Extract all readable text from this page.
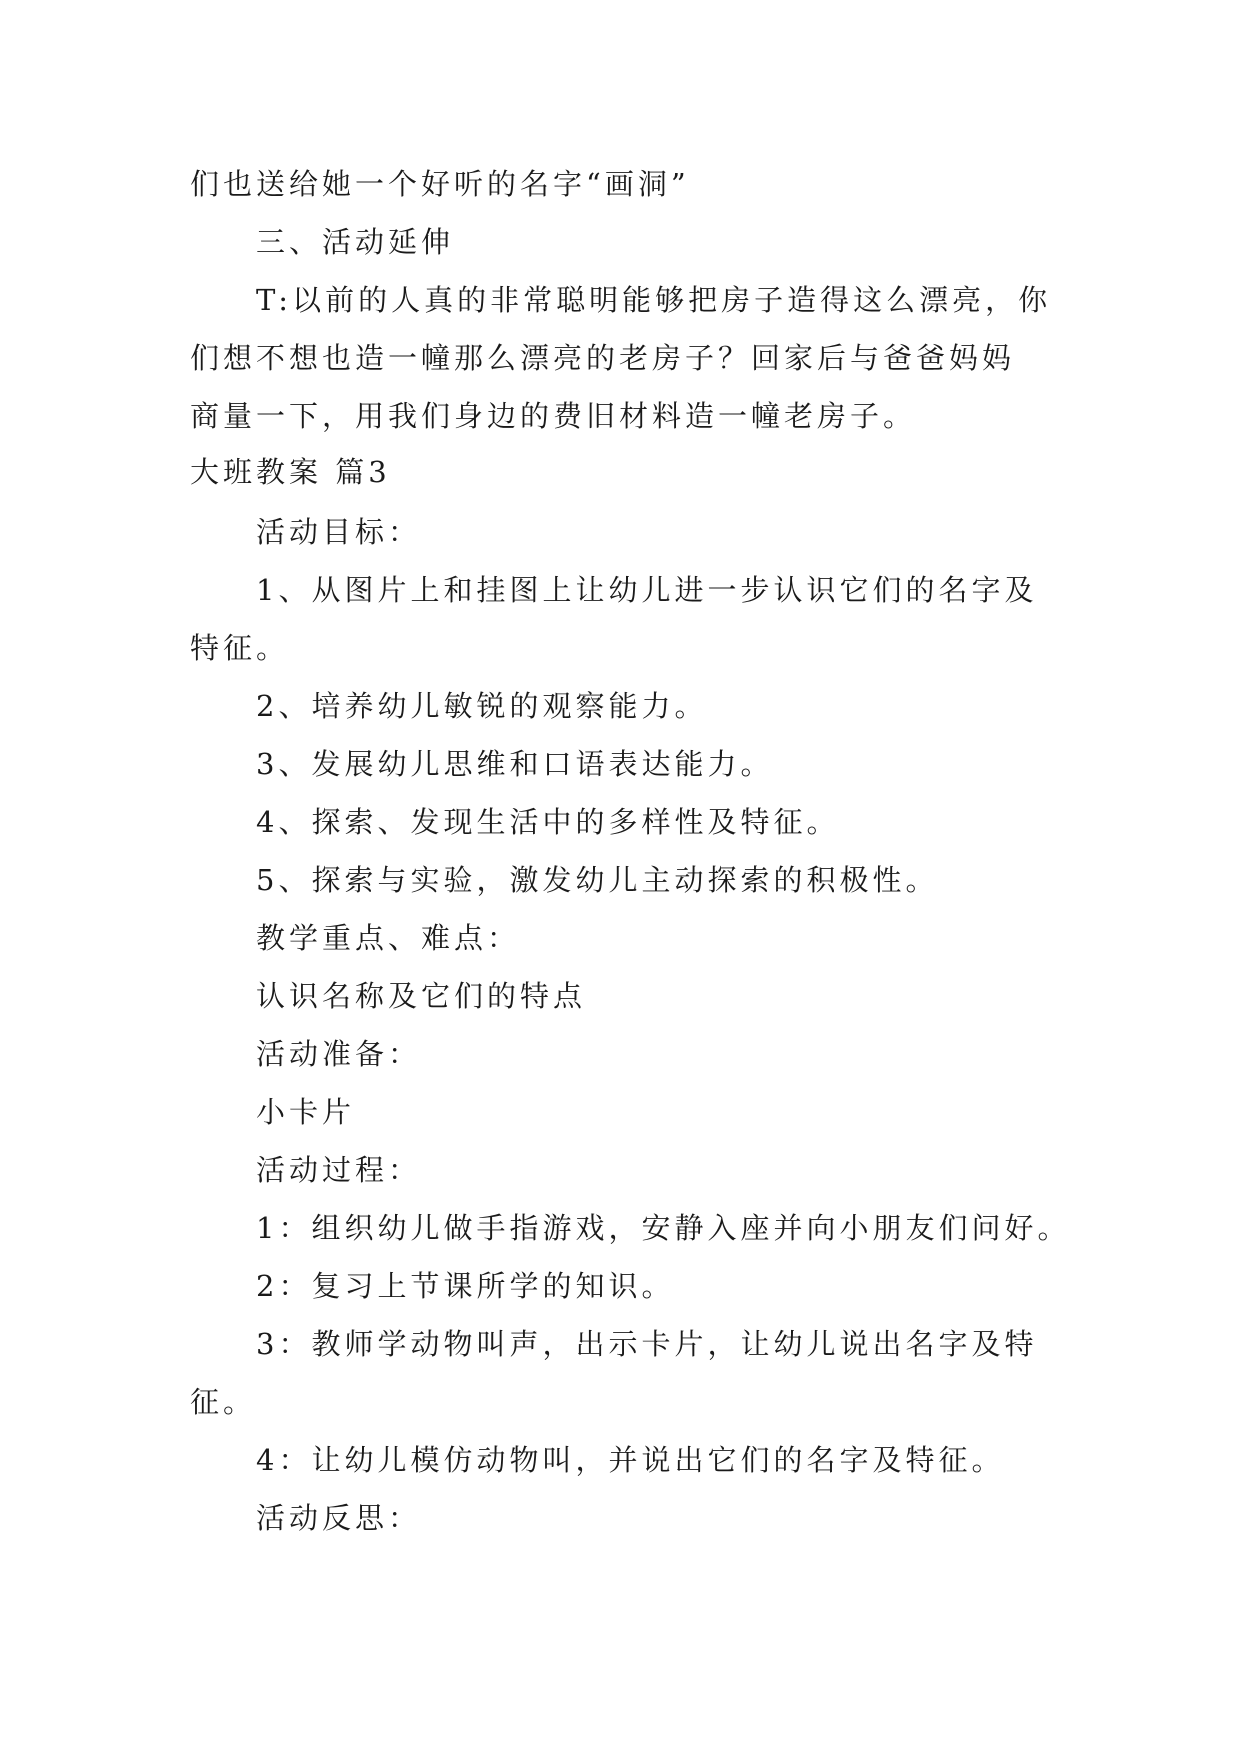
们也送给她一个好听的名字“画洞”
三、活动延伸
T:以前的人真的非常聪明能够把房子造得这么漂亮，你
们想不想也造一幢那么漂亮的老房子？回家后与爸爸妈妈
商量一下，用我们身边的费旧材料造一幢老房子。
大班教案 篇3
活动目标：
1、从图片上和挂图上让幼儿进一步认识它们的名字及
特征。
2、培养幼儿敏锐的观察能力。
3、发展幼儿思维和口语表达能力。
4、探索、发现生活中的多样性及特征。
5、探索与实验，激发幼儿主动探索的积极性。
教学重点、难点：
认识名称及它们的特点
活动准备：
小卡片
活动过程：
1：组织幼儿做手指游戏，安静入座并向小朋友们问好。
2：复习上节课所学的知识。
3：教师学动物叫声，出示卡片，让幼儿说出名字及特
征。
4：让幼儿模仿动物叫，并说出它们的名字及特征。
活动反思：
